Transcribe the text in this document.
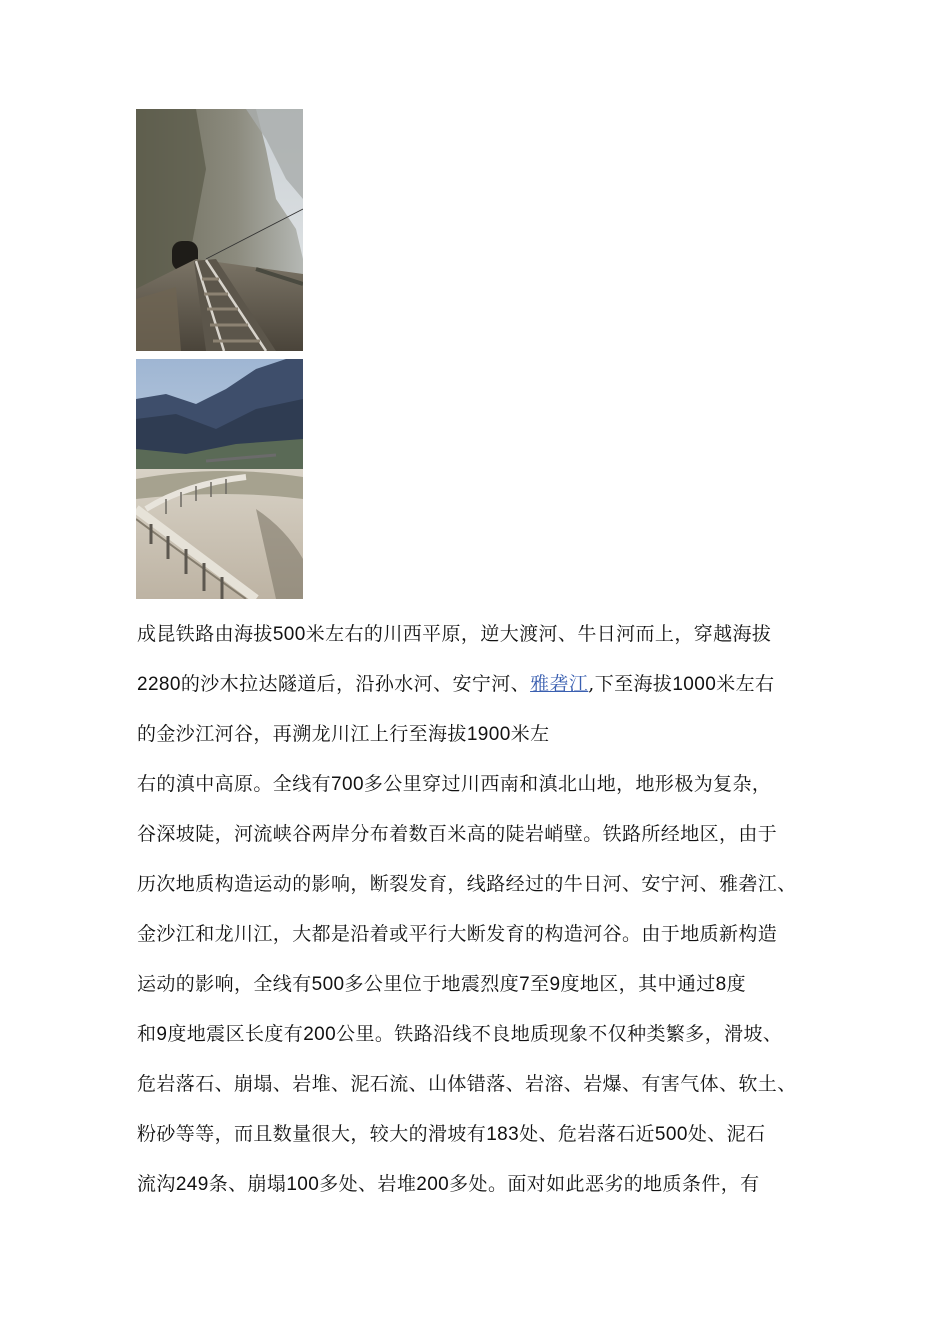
成昆铁路由海拔500米左右的川西平原，逆大渡河、牛日河而上，穿越海拔
2280的沙木拉达隧道后，沿孙水河、安宁河、雅砻江,下至海拔1000米左右
的金沙江河谷，再溯龙川江上行至海拔1900米左
右的滇中高原。全线有700多公里穿过川西南和滇北山地，地形极为复杂，
谷深坡陡，河流峡谷两岸分布着数百米高的陡岩峭壁。铁路所经地区，由于
历次地质构造运动的影响，断裂发育，线路经过的牛日河、安宁河、雅砻江、
金沙江和龙川江，大都是沿着或平行大断发育的构造河谷。由于地质新构造
运动的影响，全线有500多公里位于地震烈度7至9度地区，其中通过8度
和9度地震区长度有200公里。铁路沿线不良地质现象不仅种类繁多，滑坡、
危岩落石、崩塌、岩堆、泥石流、山体错落、岩溶、岩爆、有害气体、软土、
粉砂等等，而且数量很大，较大的滑坡有183处、危岩落石近500处、泥石
流沟249条、崩塌100多处、岩堆200多处。面对如此恶劣的地质条件，有
